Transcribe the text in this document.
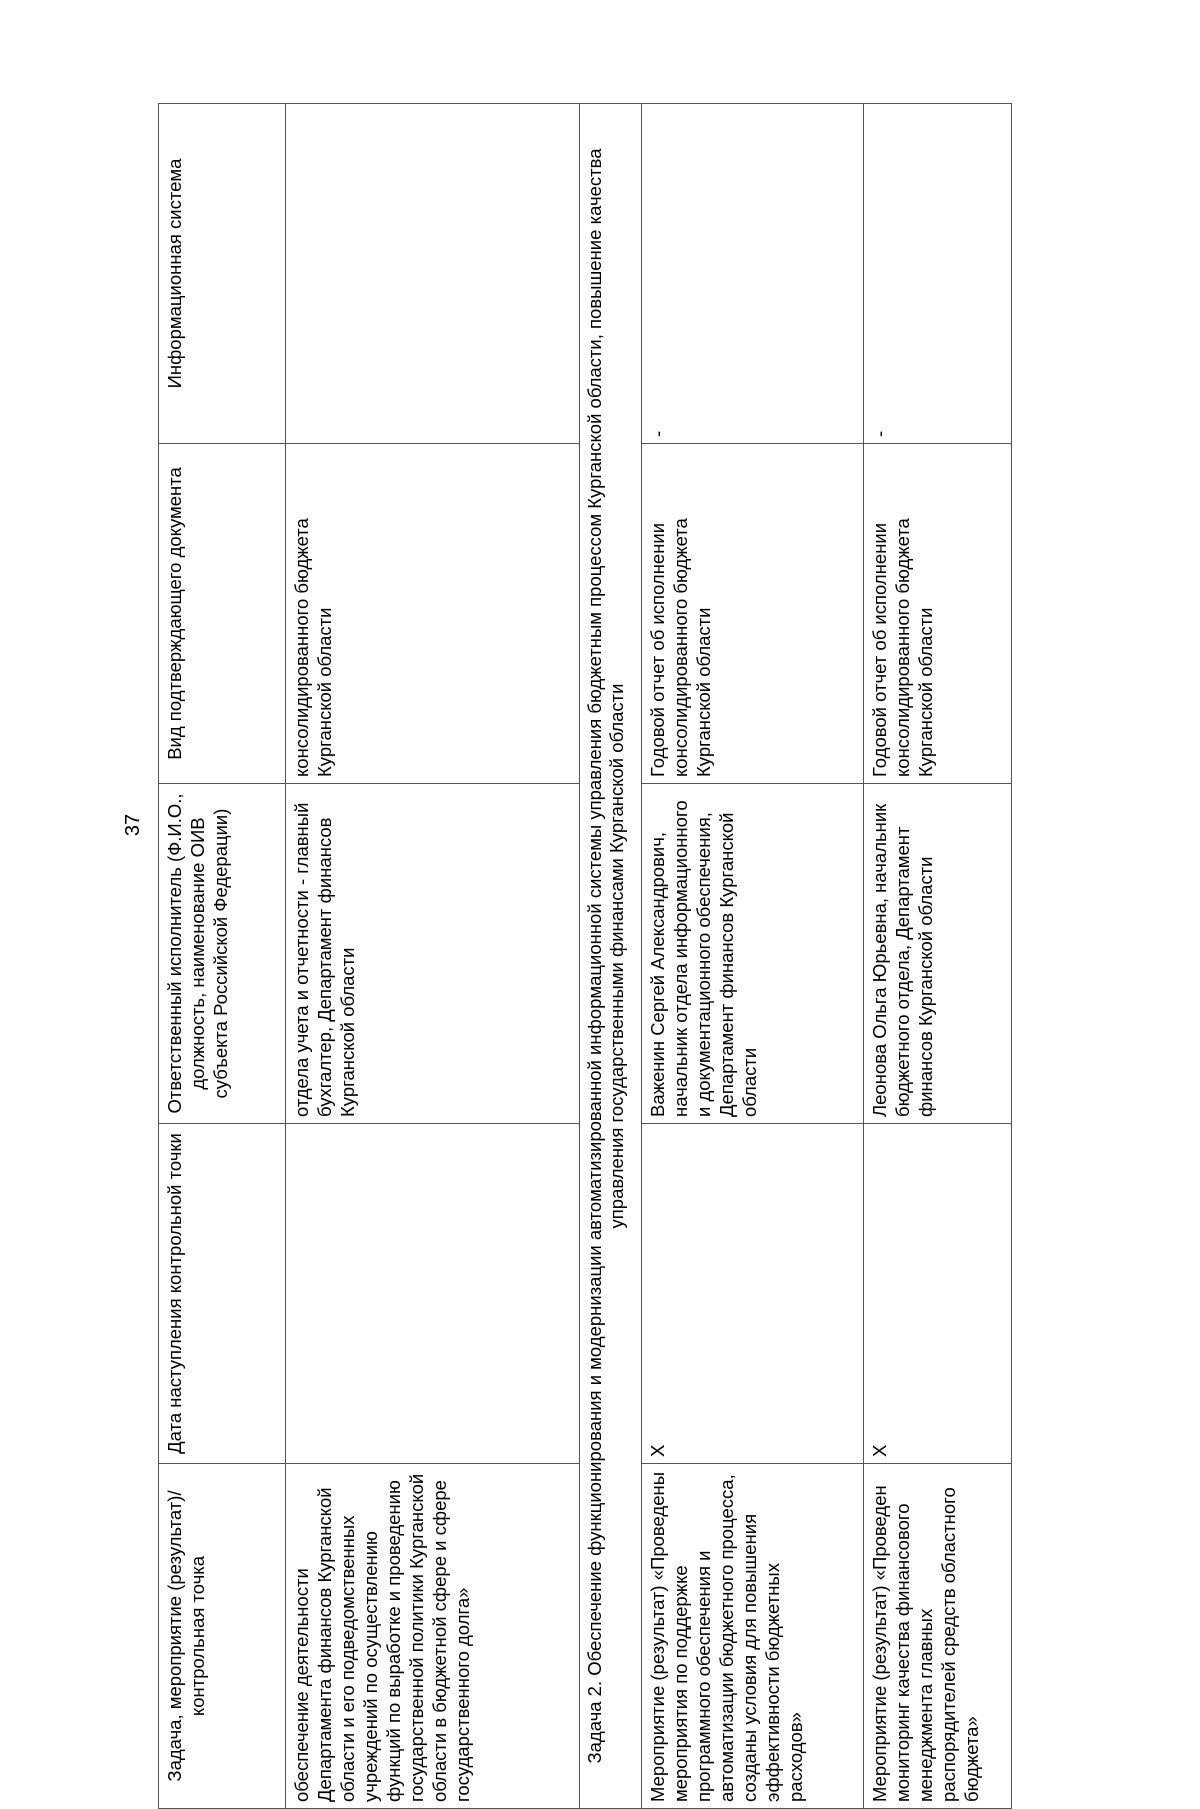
37
Задача, мероприятие (результат)/контрольная точка	Дата наступления контрольной точки	Ответственный исполнитель (Ф.И.О., должность, наименование ОИВ субъекта Российской Федерации)	Вид подтверждающего документа	Информационная система
обеспечение деятельности Департамента финансов Курганской области и его подведомственных учреждений по осуществлению функций по выработке и проведению государственной политики Курганской области в бюджетной сфере и сфере государственного долга»		отдела учета и отчетности - главный бухгалтер, Департамент финансов Курганской области	консолидированного бюджета Курганской области	
Задача 2. Обеспечение функционирования и модернизации автоматизированной информационной системы управления бюджетным процессом Курганской области, повышение качества управления государственными финансами Курганской области				
Мероприятие (результат) «Проведены мероприятия по поддержке программного обеспечения и автоматизации бюджетного процесса, созданы условия для повышения эффективности бюджетных расходов»	X	Важенин Сергей Александрович, начальник отдела информационного и документационного обеспечения, Департамент финансов Курганской области	Годовой отчет об исполнении консолидированного бюджета Курганской области	-
Мероприятие (результат) «Проведен мониторинг качества финансового менеджмента главных распорядителей средств областного бюджета»	X	Леонова Ольга Юрьевна, начальник бюджетного отдела, Департамент финансов Курганской области	Годовой отчет об исполнении консолидированного бюджета Курганской области	-
